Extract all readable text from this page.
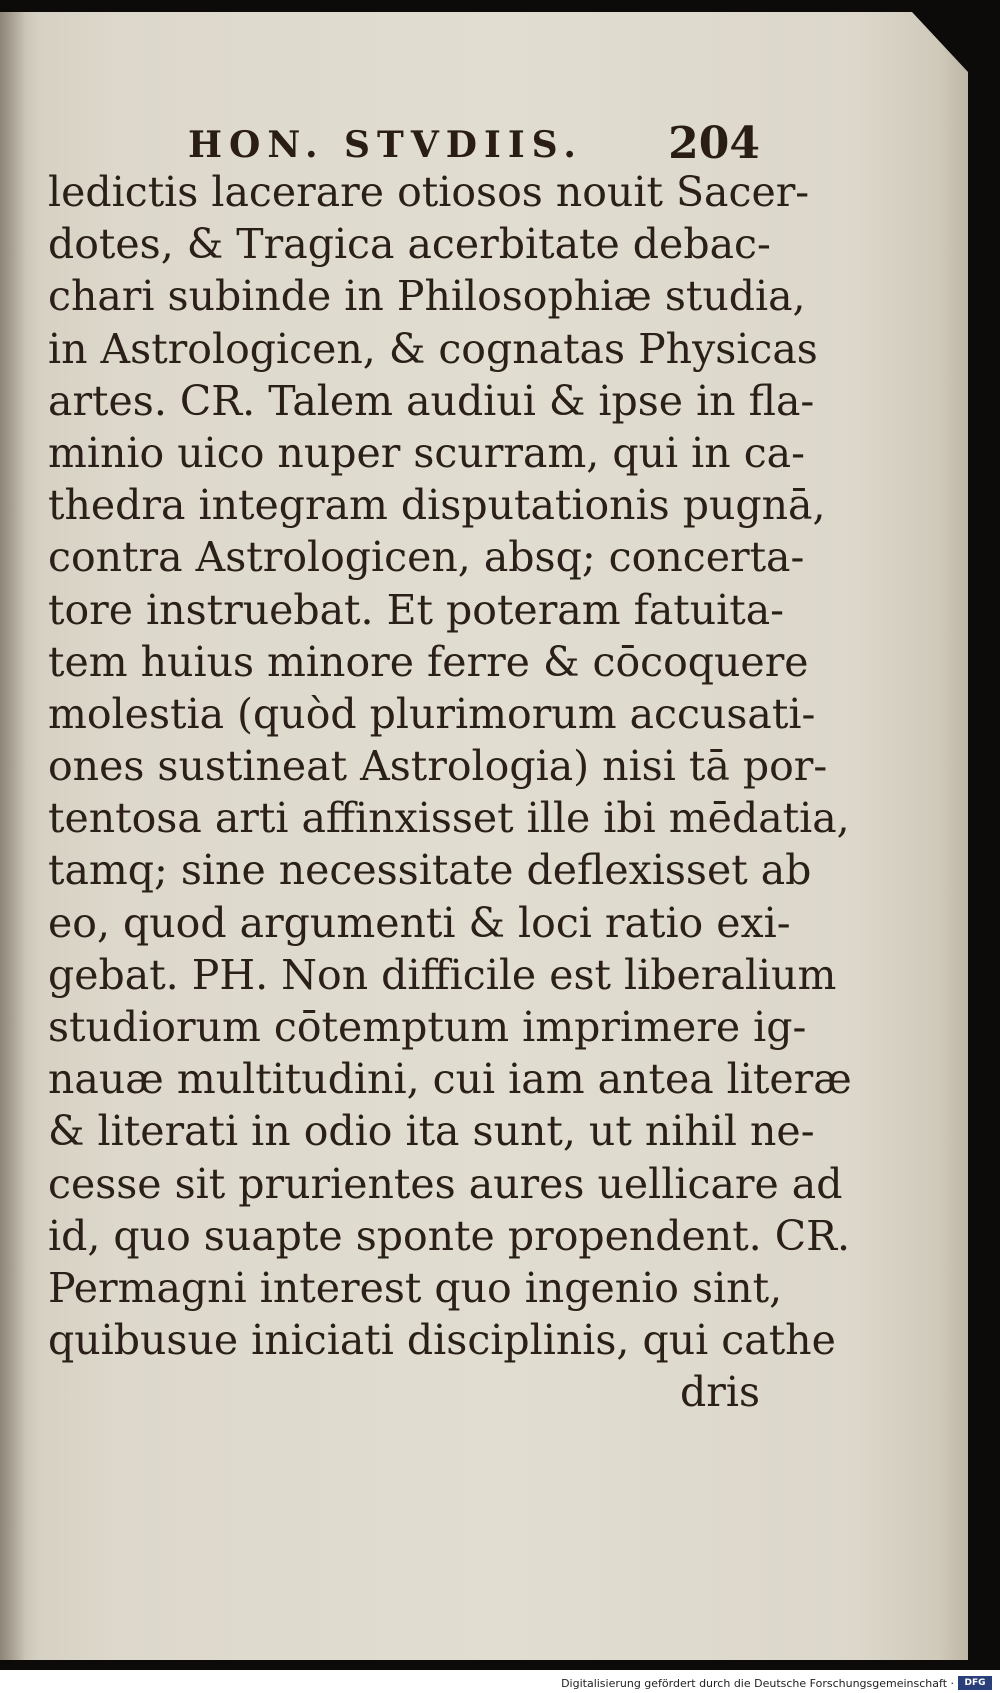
HON. STVDIIS. 204
ledictis lacerare otiosos nouit Sacer-
dotes, & Tragica acerbitate debac-
chari subinde in Philosophiæ studia,
in Astrologicen, & cognatas Physicas
artes. CR. Talem audiui & ipse in fla-
minio uico nuper scurram, qui in ca-
thedra integram disputationis pugnā,
contra Astrologicen, absq; concerta-
tore instruebat. Et poteram fatuita-
tem huius minore ferre & cōcoquere
molestia (quòd plurimorum accusati-
ones sustineat Astrologia) nisi tā por-
tentosa arti affinxisset ille ibi mēdatia,
tamq; sine necessitate deflexisset ab
eo, quod argumenti & loci ratio exi-
gebat. PH. Non difficile est liberalium
studiorum cōtemptum imprimere ig-
nauæ multitudini, cui iam antea literæ
& literati in odio ita sunt, ut nihil ne-
cesse sit prurientes aures uellicare ad
id, quo suapte sponte propendent. CR.
Permagni interest quo ingenio sint,
quibusue iniciati disciplinis, qui cathe
dris
Digitalisierung gefördert durch die Deutsche Forschungsgemeinschaft ·	DFG
